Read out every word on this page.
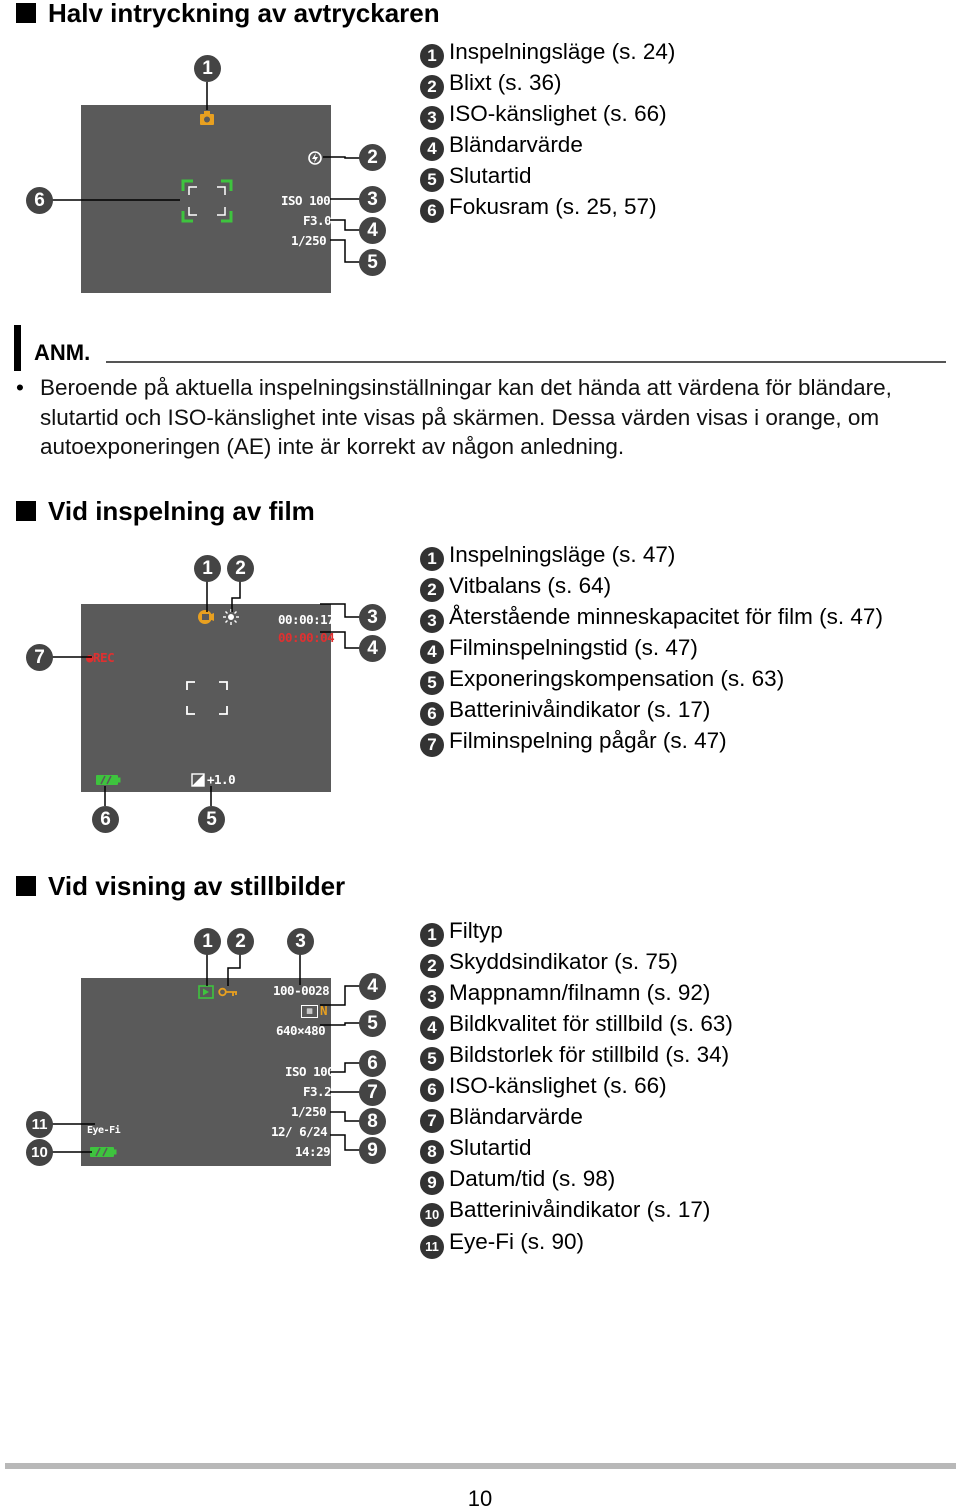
Halv intryckning av avtryckaren
ISO 100
F3.0
1/250
1
2
3
4
5
6
1 Inspelningsläge (s. 24)
2 Blixt (s. 36)
3 ISO-känslighet (s. 66)
4 Bländarvärde
5 Slutartid
6 Fokusram (s. 25, 57)
ANM.
• Beroende på aktuella inspelningsinställningar kan det hända att värdena för bländare, slutartid och ISO-känslighet inte visas på skärmen. Dessa värden visas i orange, om autoexponeringen (AE) inte är korrekt av någon anledning.
Vid inspelning av film
00:00:17
00:00:04
●REC
+1.0
1	2
3
4
5
6
7
1 Inspelningsläge (s. 47)
2 Vitbalans (s. 64)
3 Återstående minneskapacitet för film (s. 47)
4 Filminspelningstid (s. 47)
5 Exponeringskompensation (s. 63)
6 Batterinivåindikator (s. 17)
7 Filminspelning pågår (s. 47)
Vid visning av stillbilder
100-0028
▦ N
640×480
ISO 100
F3.2
1/250
12/ 6/24
14:29
Eye-Fi
1	2	3
4
5
6
7
8
9
10
11
1 Filtyp
2 Skyddsindikator (s. 75)
3 Mappnamn/filnamn (s. 92)
4 Bildkvalitet för stillbild (s. 63)
5 Bildstorlek för stillbild (s. 34)
6 ISO-känslighet (s. 66)
7 Bländarvärde
8 Slutartid
9 Datum/tid (s. 98)
10 Batterinivåindikator (s. 17)
11 Eye-Fi (s. 90)
10
